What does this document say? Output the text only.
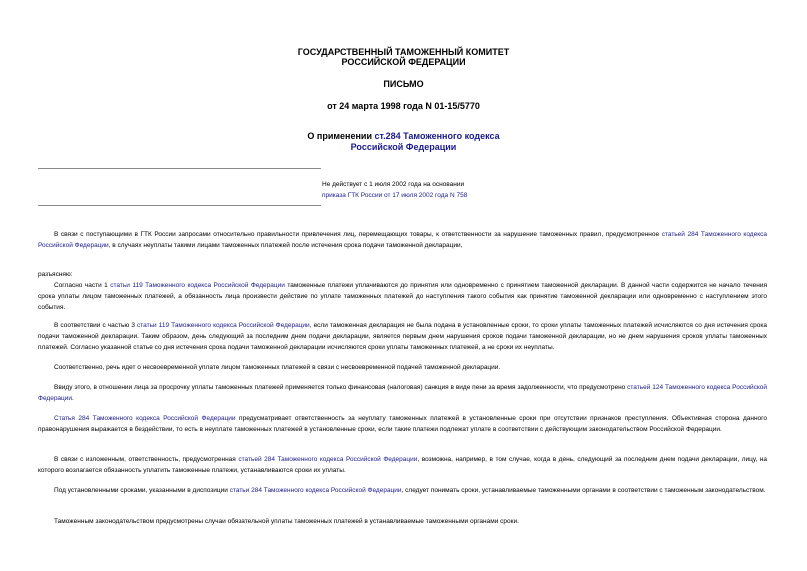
ГОСУДАРСТВЕННЫЙ ТАМОЖЕННЫЙ КОМИТЕТ
РОССИЙСКОЙ ФЕДЕРАЦИИ
ПИСЬМО
от 24 марта 1998 года N 01-15/5770
О применении ст.284 Таможенного кодекса
Российской Федерации
Не действует с 1 июля 2002 года на основании
приказа ГТК России от 17 июля 2002 года N 758

В связи с поступающими в ГТК России запросами относительно правильности привлечения лиц, перемещающих товары, к ответственности за нарушение таможенных правил, предусмотренное статьей 284 Таможенного кодекса Российской Федерации, в случаях неуплаты такими лицами таможенных платежей после истечения срока подачи таможенной декларации,

разъясняю:

Согласно части 1 статьи 119 Таможенного кодекса Российской Федерации таможенные платежи уплачиваются до принятия или одновременно с принятием таможенной декларации. В данной части содержится не начало течения срока уплаты лицом таможенных платежей, а обязанность лица произвести действие по уплате таможенных платежей до наступления такого события как принятие таможенной декларации или одновременно с наступлением этого события.

В соответствии с частью 3 статьи 119 Таможенного кодекса Российской Федерации, если таможенная декларация не была подана в установленные сроки, то сроки уплаты таможенных платежей исчисляются со дня истечения срока подачи таможенной декларации. Таким образом, день следующий за последним днем подачи декларации, является первым днем нарушения сроков подачи таможенной декларации, но не днем нарушения сроков уплаты таможенных платежей. Согласно указанной статье со дня истечения срока подачи таможенной декларации исчисляются сроки уплаты таможенных платежей, а не сроки их неуплаты.

Соответственно, речь идет о несвоевременной уплате лицом таможенных платежей в связи с несвоевременной подачей таможенной декларации.

Ввиду этого, в отношении лица за просрочку уплаты таможенных платежей применяется только финансовая (налоговая) санкция в виде пени за время задолженности, что предусмотрено статьей 124 Таможенного кодекса Российской Федерации.

Статья 284 Таможенного кодекса Российской Федерации предусматривает ответственность за неуплату таможенных платежей в установленные сроки при отсутствии признаков преступления. Объективная сторона данного правонарушения выражается в бездействии, то есть в неуплате таможенных платежей в установленные сроки, если такие платежи подлежат уплате в соответствии с действующим законодательством Российской Федерации.

В связи с изложенным, ответственность, предусмотренная статьей 284 Таможенного кодекса Российской Федерации, возможна, например, в том случае, когда в день, следующий за последним днем подачи декларации, лицу, на которого возлагается обязанность уплатить таможенные платежи, устанавливаются сроки их уплаты.

Под установленными сроками, указанными в диспозиции статьи 284 Таможенного кодекса Российской Федерации, следует понимать сроки, устанавливаемые таможенными органами в соответствии с таможенным законодательством.

Таможенным законодательством предусмотрены случаи обязательной уплаты таможенных платежей в устанавливаемые таможенными органами сроки.
